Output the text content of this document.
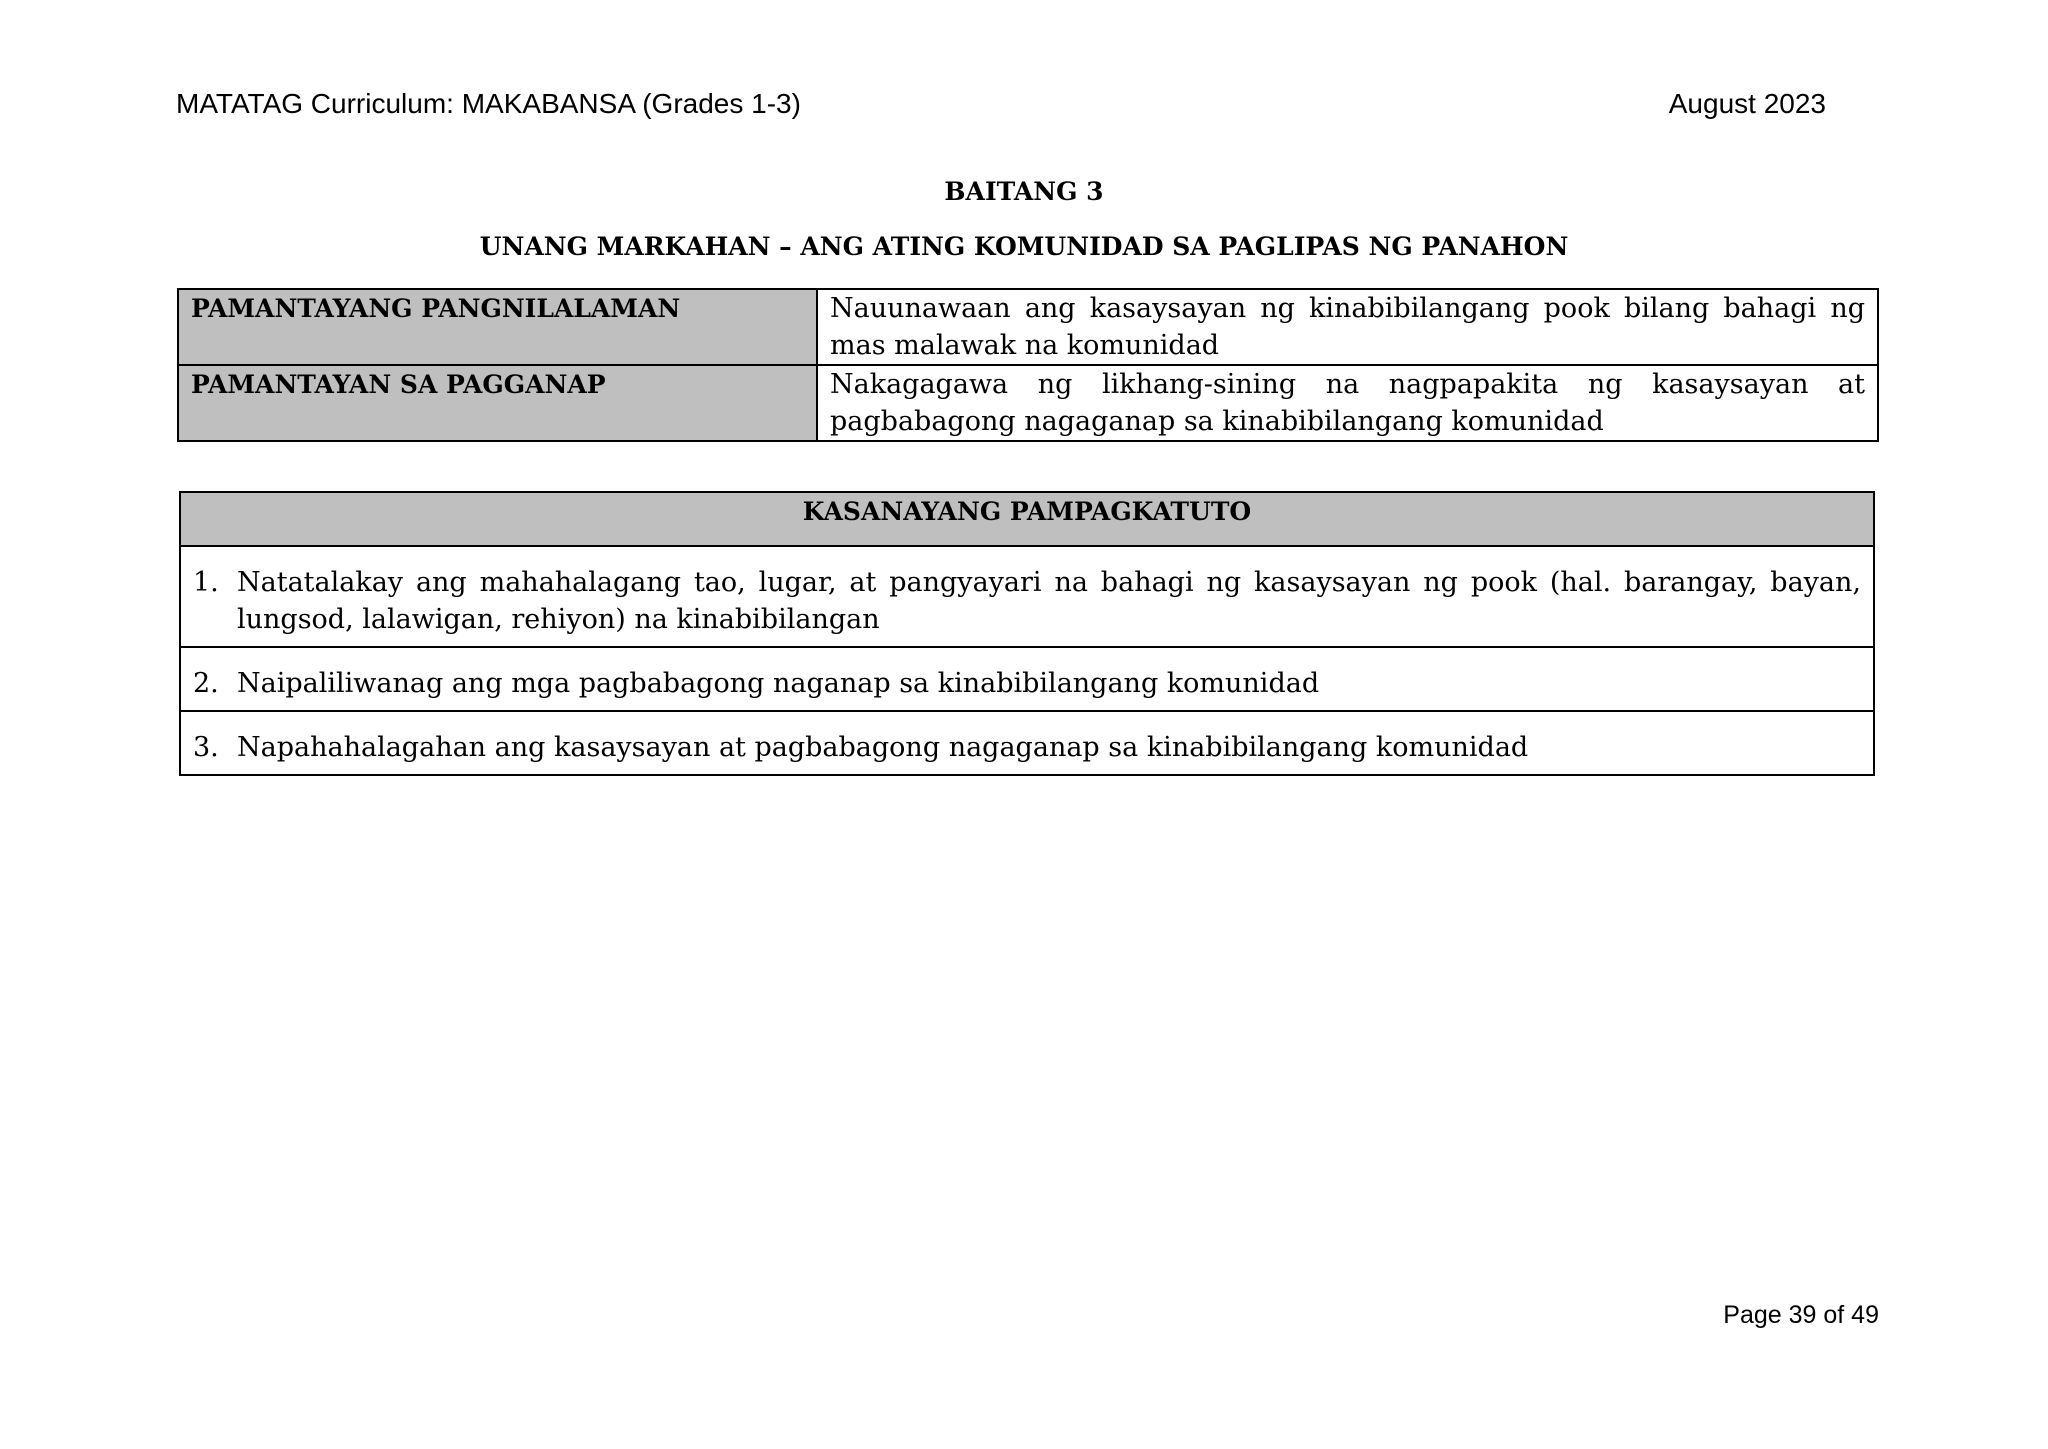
MATATAG Curriculum: MAKABANSA (Grades 1-3)	August 2023
BAITANG 3
UNANG MARKAHAN – ANG ATING KOMUNIDAD SA PAGLIPAS NG PANAHON
PAMANTAYANG PANGNILALAMAN	Nauunawaan ang kasaysayan ng kinabibilangang pook bilang bahagi ng mas malawak na komunidad
PAMANTAYAN SA PAGGANAP	Nakagagawa ng likhang-sining na nagpapakita ng kasaysayan at pagbabagong nagaganap sa kinabibilangang komunidad
KASANAYANG PAMPAGKATUTO

1. Natatalakay ang mahahalagang tao, lugar, at pangyayari na bahagi ng kasaysayan ng pook (hal. barangay, bayan, lungsod, lalawigan, rehiyon) na kinabibilangan

2. Naipaliliwanag ang mga pagbabagong naganap sa kinabibilangang komunidad

3. Napahahalagahan ang kasaysayan at pagbabagong nagaganap sa kinabibilangang komunidad
Page 39 of 49
